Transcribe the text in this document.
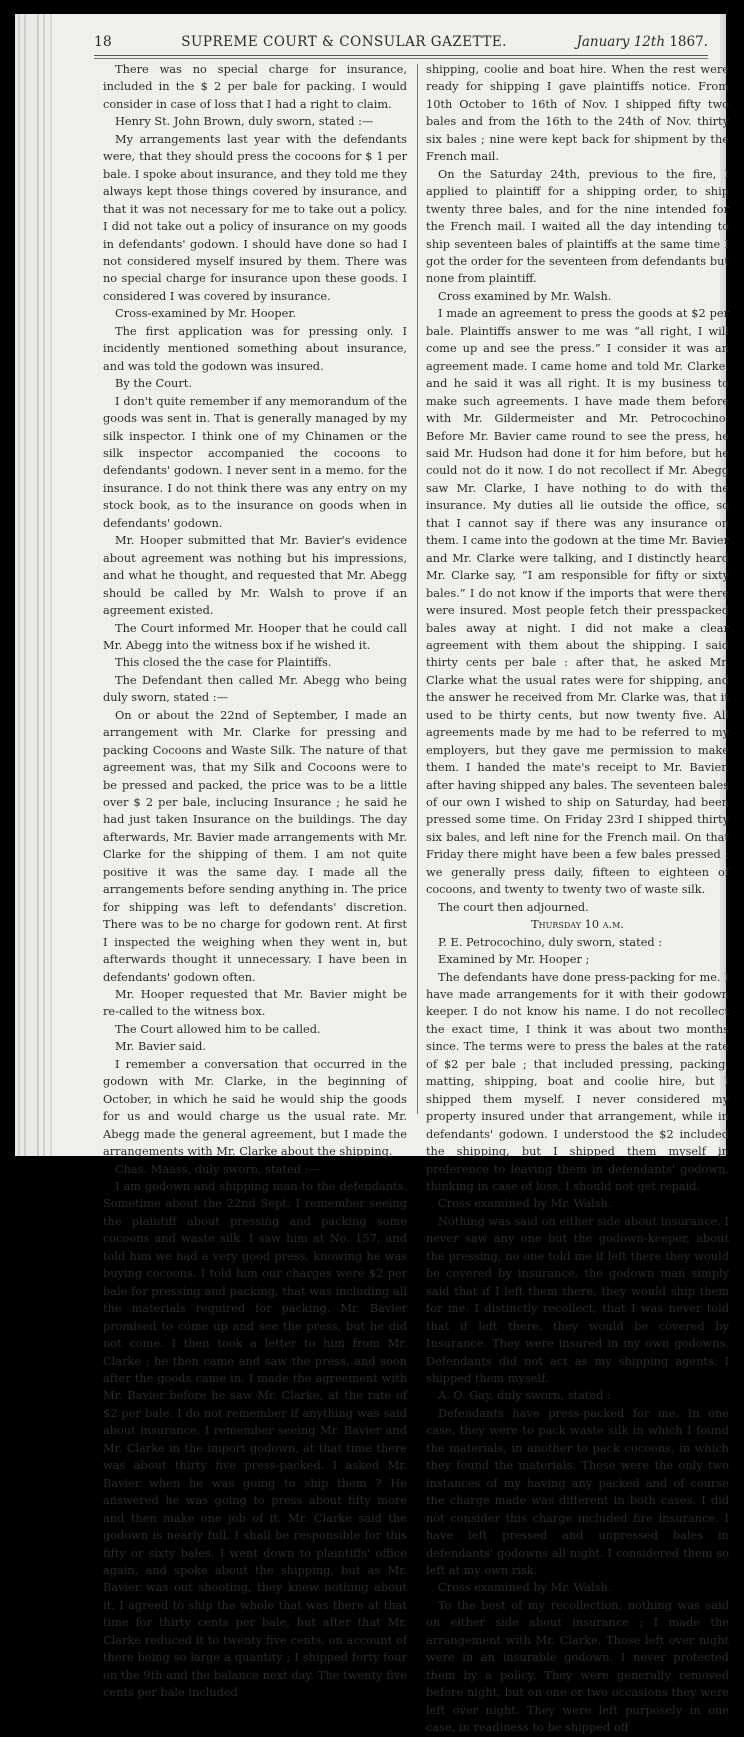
18	SUPREME COURT & CONSULAR GAZETTE.	January 12th 1867.

There was no special charge for insurance, included in the $ 2 per bale for packing. I would consider in case of loss that I had a right to claim.

Henry St. John Brown, duly sworn, stated :—

My arrangements last year with the defendants were, that they should press the cocoons for $ 1 per bale. I spoke about insurance, and they told me they always kept those things covered by insurance, and that it was not necessary for me to take out a policy. I did not take out a policy of insurance on my goods in defendants' godown. I should have done so had I not considered myself insured by them. There was no special charge for insurance upon these goods. I considered I was covered by insurance.

Cross-examined by Mr. Hooper.

The first application was for pressing only. I incidently mentioned something about insurance, and was told the godown was insured.

By the Court.

I don't quite remember if any memorandum of the goods was sent in. That is generally managed by my silk inspector. I think one of my Chinamen or the silk inspector accompanied the cocoons to defendants' godown. I never sent in a memo. for the insurance. I do not think there was any entry on my stock book, as to the insurance on goods when in defendants' godown.

Mr. Hooper submitted that Mr. Bavier's evidence about agreement was nothing but his impressions, and what he thought, and requested that Mr. Abegg should be called by Mr. Walsh to prove if an agreement existed.

The Court informed Mr. Hooper that he could call Mr. Abegg into the witness box if he wished it.

This closed the the case for Plaintiffs.

The Defendant then called Mr. Abegg who being duly sworn, stated :—

On or about the 22nd of September, I made an arrangement with Mr. Clarke for pressing and packing Cocoons and Waste Silk. The nature of that agreement was, that my Silk and Cocoons were to be pressed and packed, the price was to be a little over $ 2 per bale, inclucing Insurance ; he said he had just taken Insurance on the buildings. The day afterwards, Mr. Bavier made arrangements with Mr. Clarke for the shipping of them. I am not quite positive it was the same day. I made all the arrangements before sending anything in. The price for shipping was left to defendants' discretion. There was to be no charge for godown rent. At first I inspected the weighing when they went in, but afterwards thought it unnecessary. I have been in defendants' godown often.

Mr. Hooper requested that Mr. Bavier might be re-called to the witness box.

The Court allowed him to be called.

Mr. Bavier said.

I remember a conversation that occurred in the godown with Mr. Clarke, in the beginning of October, in which he said he would ship the goods for us and would charge us the usual rate. Mr. Abegg made the general agreement, but I made the arrangements with Mr. Clarke about the shipping.

Chas. Maass, duly sworn, stated :—

I am godown and shipping man to the defendants. Sometime about the 22nd Sept. I remember seeing the plaintiff about pressing and packing some cocoons and waste silk. I saw him at No. 157, and told him we had a very good press, knowing he was buying cocoons. I told him our charges were $2 per bale for pressing and packing, that was including all the materials required for packing. Mr. Bavier promised to come up and see the press, but he did not come. I then took a letter to him from Mr. Clarke ; he then came and saw the press, and soon after the goods came in. I made the agreement with Mr. Bavier before he saw Mr. Clarke, at the rate of $2 per bale. I do not remember if anything was said about insurance. I remember seeing Mr. Bavier and Mr. Clarke in the import godown, at that time there was about thirty five press-packed. I asked Mr. Bavier when he was going to ship them ? He answered he was going to press about fifty more and then make one job of it. Mr. Clarke said the godown is nearly full, I shall be responsible for this fifty or sixty bales. I went down to plaintiffs' office again, and spoke about the shipping, but as Mr. Bavier was out shooting, they knew nothing about it. I agreed to ship the whole that was there at that time for thirty cents per bale, but after that Mr. Clarke reduced it to twenty five cents, on account of there being so large a quantity ; I shipped forty four on the 9th and the balance next day. The twenty five cents per bale included

shipping, coolie and boat hire. When the rest were ready for shipping I gave plaintiffs notice. From 10th October to 16th of Nov. I shipped fifty two bales and from the 16th to the 24th of Nov. thirty six bales ; nine were kept back for shipment by the French mail.

On the Saturday 24th, previous to the fire, I applied to plaintiff for a shipping order, to ship twenty three bales, and for the nine intended for the French mail. I waited all the day intending to ship seventeen bales of plaintiffs at the same time I got the order for the seventeen from defendants but none from plaintiff.

Cross examined by Mr. Walsh.

I made an agreement to press the goods at $2 per bale. Plaintiffs answer to me was “all right, I will come up and see the press.” I consider it was an agreement made. I came home and told Mr. Clarke, and he said it was all right. It is my business to make such agreements. I have made them before with Mr. Gildermeister and Mr. Petrocochino. Before Mr. Bavier came round to see the press, he said Mr. Hudson had done it for him before, but he could not do it now. I do not recollect if Mr. Abegg saw Mr. Clarke, I have nothing to do with the insurance. My duties all lie outside the office, so that I cannot say if there was any insurance on them. I came into the godown at the time Mr. Bavier and Mr. Clarke were talking, and I distinctly heard Mr. Clarke say, “I am responsible for fifty or sixty bales.” I do not know if the imports that were there were insured. Most people fetch their presspacked bales away at night. I did not make a clear agreement with them about the shipping. I said thirty cents per bale : after that, he asked Mr. Clarke what the usual rates were for shipping, and the answer he received from Mr. Clarke was, that it used to be thirty cents, but now twenty five. All agreements made by me had to be referred to my employers, but they gave me permission to make them. I handed the mate's receipt to Mr. Bavier, after having shipped any bales. The seventeen bales of our own I wished to ship on Saturday, had been pressed some time. On Friday 23rd I shipped thirty six bales, and left nine for the French mail. On that Friday there might have been a few bales pressed ; we generally press daily, fifteen to eighteen of cocoons, and twenty to twenty two of waste silk.

The court then adjourned.

Thursday 10 a.m.

P. E. Petrocochino, duly sworn, stated :

Examined by Mr. Hooper ;

The defendants have done press-packing for me. I have made arrangements for it with their godown keeper. I do not know his name. I do not recollect the exact time, I think it was about two months since. The terms were to press the bales at the rate of $2 per bale ; that included pressing, packing, matting, shipping, boat and coolie hire, but I shipped them myself. I never considered my property insured under that arrangement, while in defendants' godown. I understood the $2 included the shipping, but I shipped them myself in preference to leaving them in defendants' godown, thinking in case of loss, I should not get repaid.

Cross examined by Mr. Walsh.

Nothing was said on either side about insurance. I never saw any one but the godown-keeper, about the pressing, no one told me if left there they would be covered by insurance, the godown man simply said that if I left them there, they would ship them for me. I distinctly recollect, that I was never told that if left there, they would be covered by Insurance. They were insured in my own godowns. Defendants did not act as my shipping agents. I shipped them myself.

A. O. Gay, duly sworn, stated :

Defendants have press-packed for me. In one case, they were to pack waste silk in which I found the materials, in another to pack cocoons, in which they found the materials. These were the only two instances of my having any packed and of course the charge made was different in both cases. I did not consider this charge included fire insurance. I have left pressed and unpressed bales in defendants' godowns all night. I considered them so left at my own risk.

Cross examined by Mr. Walsh.

To the best of my recollection, nothing was said on either side about insurance ; I made the arrangement with Mr. Clarke. Those left over night were in an insurable godown. I never protected them by a policy. They were generally removed before night, but on one or two occasions they were left over night. They were left purposely in one case, in readiness to be shipped off
